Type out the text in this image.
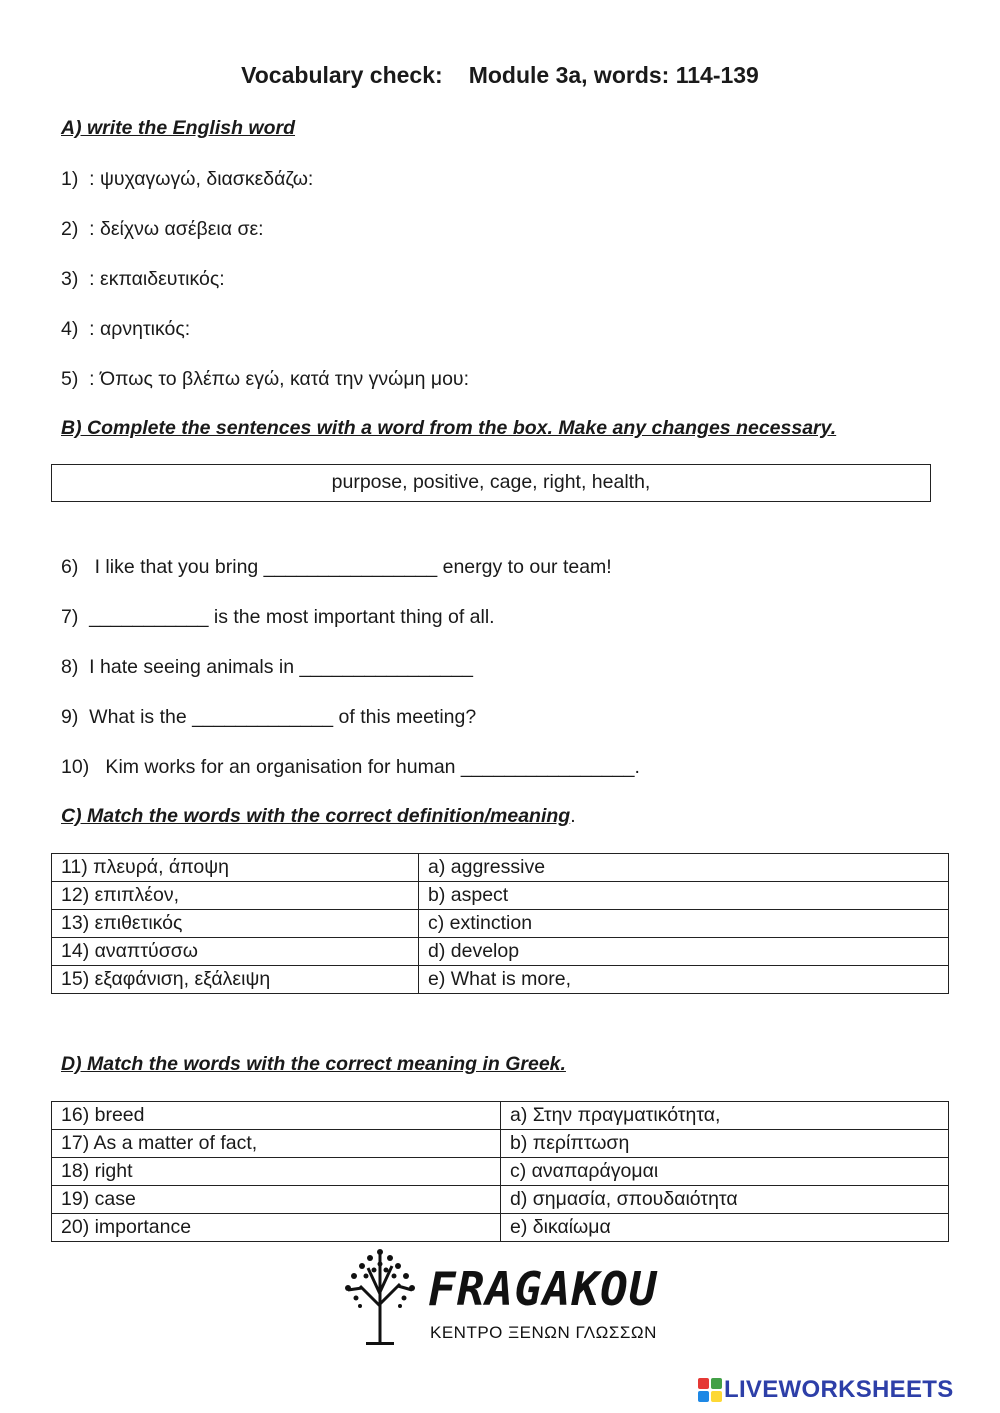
Vocabulary check: Module 3a, words: 114-139
A) write the English word
1)  : ψυχαγωγώ, διασκεδάζω:
2)  : δείχνω ασέβεια σε:
3)  : εκπαιδευτικός:
4)  : αρνητικός:
5)  : Όπως το βλέπω εγώ, κατά την γνώμη μου:
B) Complete the sentences with a word from the box. Make any changes necessary.
purpose, positive, cage, right, health,
6)   I like that you bring ________________ energy to our team!
7)  ___________ is the most important thing of all.
8)  I hate seeing animals in ________________
9)  What is the _____________ of this meeting?
10)   Kim works for an organisation for human ________________.
C) Match the words with the correct definition/meaning.
11) πλευρά, άποψη	a) aggressive
12) επιπλέον,	b) aspect
13) επιθετικός	c) extinction
14) αναπτύσσω	d) develop
15) εξαφάνιση, εξάλειψη	e) What is more,
D) Match the words with the correct meaning in Greek.
16) breed	a) Στην πραγματικότητα,
17) As a matter of fact,	b) περίπτωση
18) right	c) αναπαράγομαι
19) case	d) σημασία, σπουδαιότητα
20) importance	e) δικαίωμα
FRAGAKOU
ΚΕΝΤΡΟ ΞΕΝΩΝ ΓΛΩΣΣΩΝ
LIVEWORKSHEETS
